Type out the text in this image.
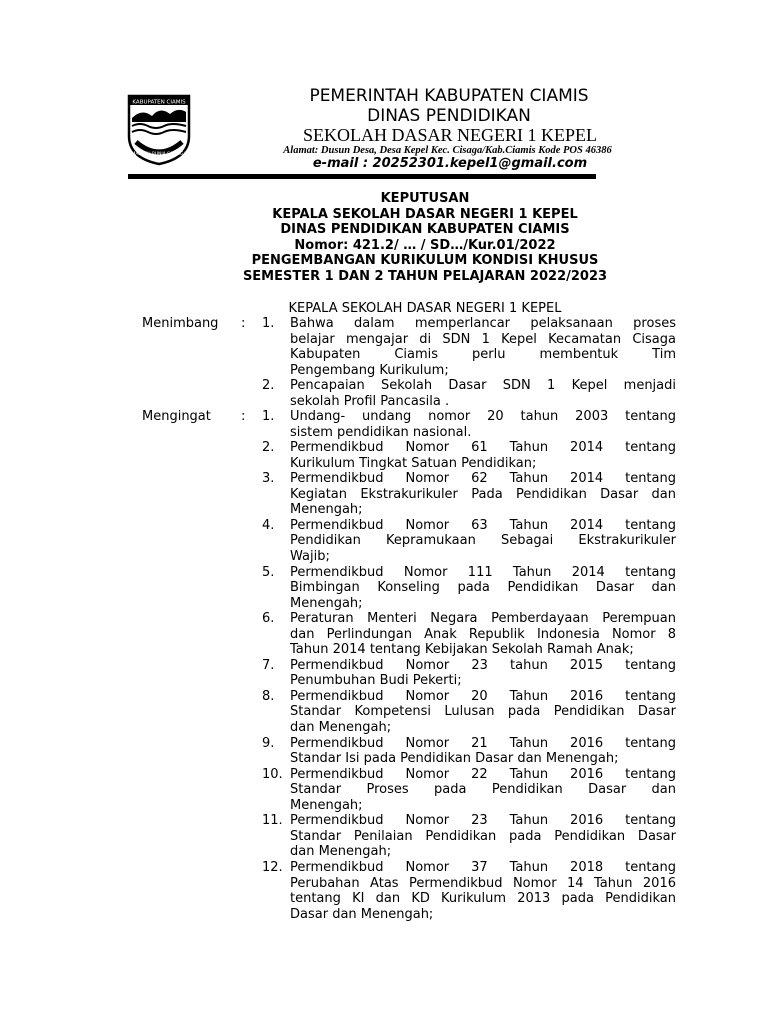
KABUPATEN CIAMIS
MAHAYU PUNJA SANGGA
PEMERINTAH KABUPATEN CIAMIS
DINAS PENDIDIKAN
SEKOLAH DASAR NEGERI 1 KEPEL
Alamat: Dusun Desa, Desa Kepel Kec. Cisaga/Kab.Ciamis Kode POS 46386
e-mail : 20252301.kepel1@gmail.com
KEPUTUSAN
KEPALA SEKOLAH DASAR NEGERI 1 KEPEL
DINAS PENDIDIKAN KABUPATEN CIAMIS
Nomor: 421.2/ … / SD…/Kur.01/2022
PENGEMBANGAN KURIKULUM KONDISI KHUSUS
SEMESTER 1 DAN 2 TAHUN PELAJARAN 2022/2023
KEPALA SEKOLAH DASAR NEGERI 1 KEPEL
Menimbang : 1. Bahwa dalam memperlancar pelaksanaan proses
belajar mengajar di SDN 1 Kepel Kecamatan Cisaga
Kabupaten Ciamis perlu membentuk Tim
Pengembang Kurikulum;
2. Pencapaian Sekolah Dasar SDN 1 Kepel menjadi
sekolah Profil Pancasila .
Mengingat : 1. Undang- undang nomor 20 tahun 2003 tentang
sistem pendidikan nasional.
2. Permendikbud Nomor 61 Tahun 2014 tentang
Kurikulum Tingkat Satuan Pendidikan;
3. Permendikbud Nomor 62 Tahun 2014 tentang
Kegiatan Ekstrakurikuler Pada Pendidikan Dasar dan
Menengah;
4. Permendikbud Nomor 63 Tahun 2014 tentang
Pendidikan Kepramukaan Sebagai Ekstrakurikuler
Wajib;
5. Permendikbud Nomor 111 Tahun 2014 tentang
Bimbingan Konseling pada Pendidikan Dasar dan
Menengah;
6. Peraturan Menteri Negara Pemberdayaan Perempuan
dan Perlindungan Anak Republik Indonesia Nomor 8
Tahun 2014 tentang Kebijakan Sekolah Ramah Anak;
7. Permendikbud Nomor 23 tahun 2015 tentang
Penumbuhan Budi Pekerti;
8. Permendikbud Nomor 20 Tahun 2016 tentang
Standar Kompetensi Lulusan pada Pendidikan Dasar
dan Menengah;
9. Permendikbud Nomor 21 Tahun 2016 tentang
Standar Isi pada Pendidikan Dasar dan Menengah;
10. Permendikbud Nomor 22 Tahun 2016 tentang
Standar Proses pada Pendidikan Dasar dan
Menengah;
11. Permendikbud Nomor 23 Tahun 2016 tentang
Standar Penilaian Pendidikan pada Pendidikan Dasar
dan Menengah;
12. Permendikbud Nomor 37 Tahun 2018 tentang
Perubahan Atas Permendikbud Nomor 14 Tahun 2016
tentang KI dan KD Kurikulum 2013 pada Pendidikan
Dasar dan Menengah;
